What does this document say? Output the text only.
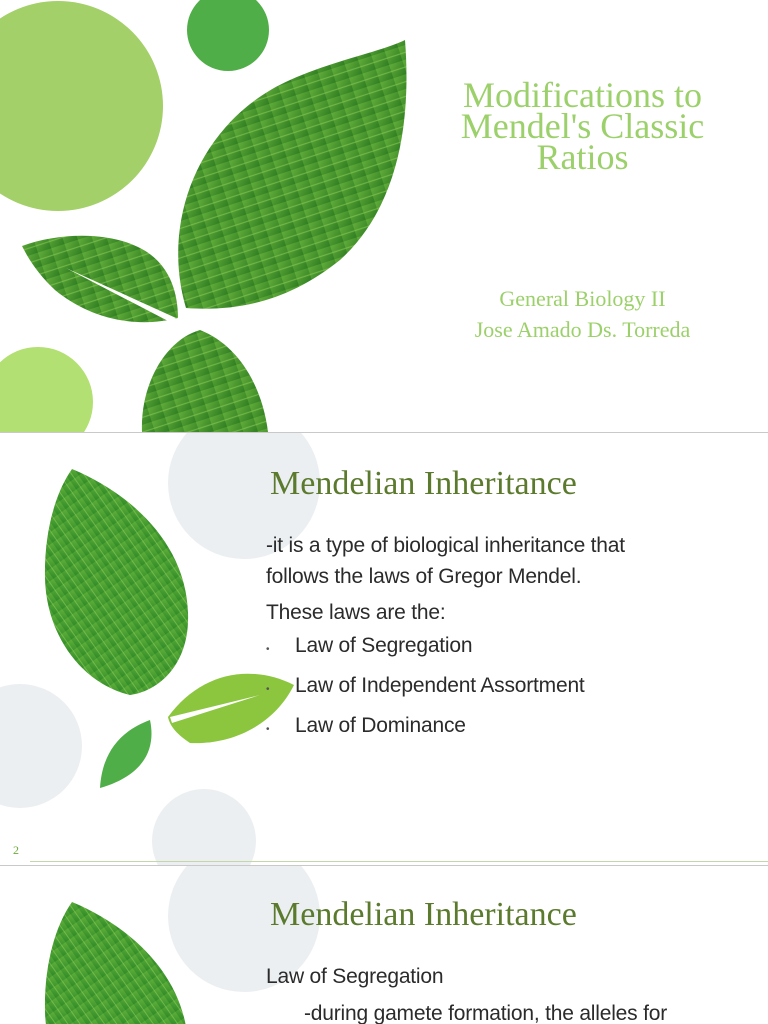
Modifications to
Mendel's Classic
Ratios
General Biology II
Jose Amado Ds. Torreda
Mendelian Inheritance
-it is a type of biological inheritance that
follows the laws of Gregor Mendel.
These laws are the:
•	Law of Segregation
•	Law of Independent Assortment
•	Law of Dominance
2
Mendelian Inheritance
Law of Segregation
-during gamete formation, the alleles for
